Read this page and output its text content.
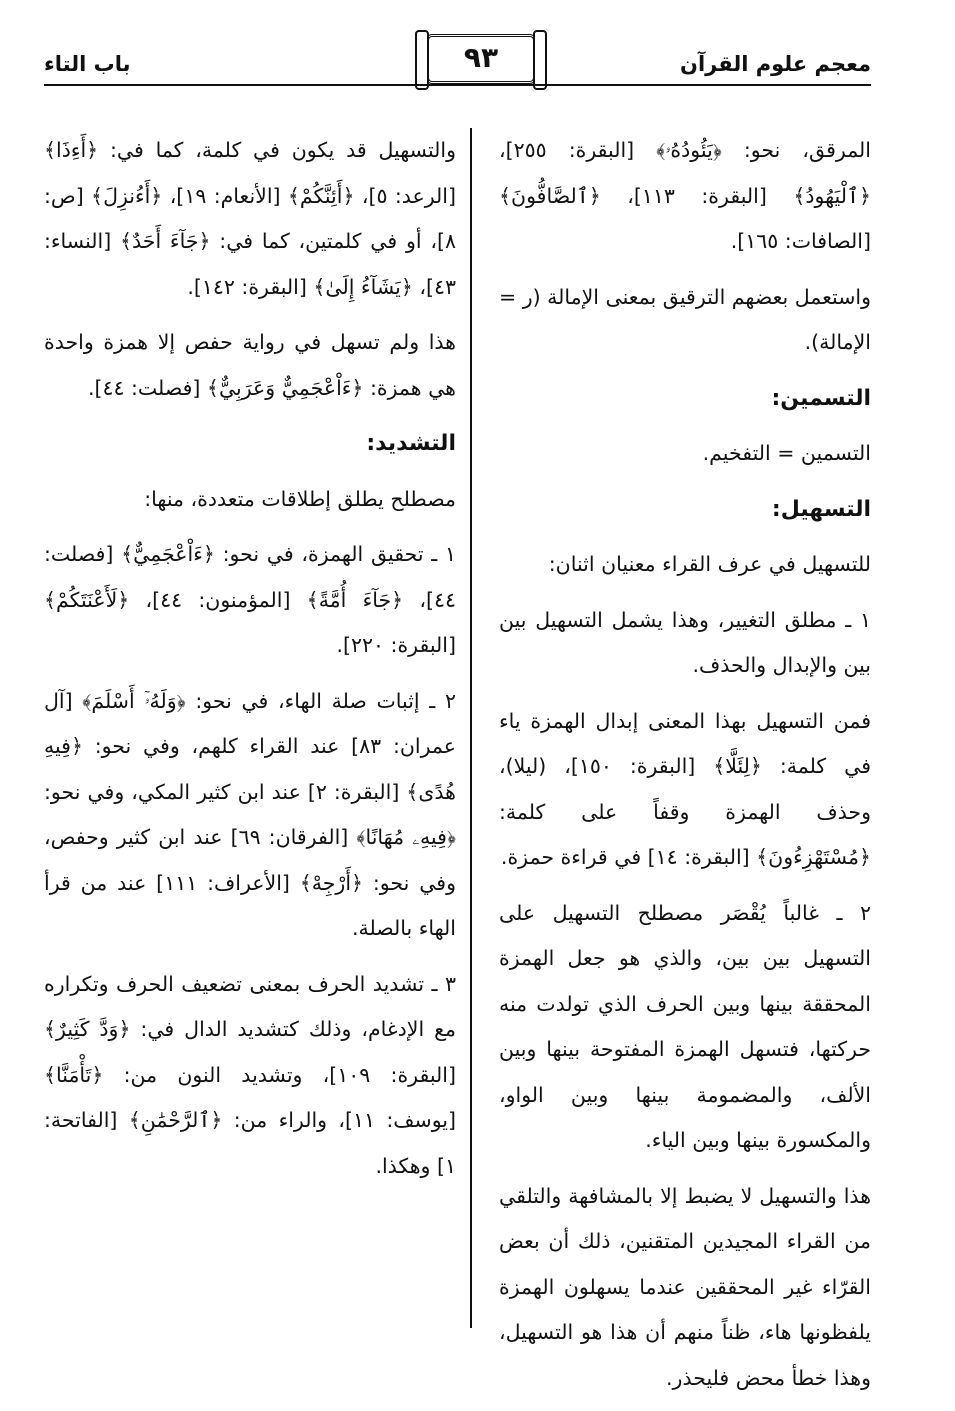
معجم علوم القرآن
٩٣
باب التاء

المرقق، نحو: ﴿يَئُودُهُۥ﴾ [البقرة: ٢٥٥]، ﴿ٱلْيَهُودُ﴾ [البقرة: ١١٣]، ﴿ٱلصَّافُّونَ﴾ [الصافات: ١٦٥].

واستعمل بعضهم الترقيق بمعنى الإمالة (ر = الإمالة).

التسمين:

التسمين = التفخيم.

التسهيل:

للتسهيل في عرف القراء معنيان اثنان:

١ ـ مطلق التغيير، وهذا يشمل التسهيل بين بين والإبدال والحذف.

فمن التسهيل بهذا المعنى إبدال الهمزة ياء في كلمة: ﴿لِئَلَّا﴾ [البقرة: ١٥٠]، (ليلا)، وحذف الهمزة وقفاً على كلمة: ﴿مُسْتَهْزِءُونَ﴾ [البقرة: ١٤] في قراءة حمزة.

٢ ـ غالباً يُقْصَر مصطلح التسهيل على التسهيل بين بين، والذي هو جعل الهمزة المحققة بينها وبين الحرف الذي تولدت منه حركتها، فتسهل الهمزة المفتوحة بينها وبين الألف، والمضمومة بينها وبين الواو، والمكسورة بينها وبين الياء.

هذا والتسهيل لا يضبط إلا بالمشافهة والتلقي من القراء المجيدين المتقنين، ذلك أن بعض القرّاء غير المحققين عندما يسهلون الهمزة يلفظونها هاء، ظناً منهم أن هذا هو التسهيل، وهذا خطأ محض فليحذر.

والتسهيل قد يكون في كلمة، كما في: ﴿أَءِذَا﴾ [الرعد: ٥]، ﴿أَئِنَّكُمْ﴾ [الأنعام: ١٩]، ﴿أَءُنزِلَ﴾ [ص: ٨]، أو في كلمتين، كما في: ﴿جَآءَ أَحَدٌ﴾ [النساء: ٤٣]، ﴿يَشَآءُ إِلَىٰ﴾ [البقرة: ١٤٢].

هذا ولم تسهل في رواية حفص إلا همزة واحدة هي همزة: ﴿ءَاْعْجَمِيٌّ وَعَرَبِيٌّ﴾ [فصلت: ٤٤].

التشديد:

مصطلح يطلق إطلاقات متعددة، منها:

١ ـ تحقيق الهمزة، في نحو: ﴿ءَاْعْجَمِيٌّ﴾ [فصلت: ٤٤]، ﴿جَآءَ أُمَّةً﴾ [المؤمنون: ٤٤]، ﴿لَأَعْنَتَكُمْ﴾ [البقرة: ٢٢٠].

٢ ـ إثبات صلة الهاء، في نحو: ﴿وَلَهُۥٓ أَسْلَمَ﴾ [آل عمران: ٨٣] عند القراء كلهم، وفي نحو: ﴿فِيهِ هُدًى﴾ [البقرة: ٢] عند ابن كثير المكي، وفي نحو: ﴿فِيهِۦ مُهَانًا﴾ [الفرقان: ٦٩] عند ابن كثير وحفص، وفي نحو: ﴿أَرْجِهْ﴾ [الأعراف: ١١١] عند من قرأ الهاء بالصلة.

٣ ـ تشديد الحرف بمعنى تضعيف الحرف وتكراره مع الإدغام، وذلك كتشديد الدال في: ﴿وَدَّ كَثِيرٌ﴾ [البقرة: ١٠٩]، وتشديد النون من: ﴿تَأْمَنَّا﴾ [يوسف: ١١]، والراء من: ﴿ٱلرَّحْمَٰنِ﴾ [الفاتحة: ١] وهكذا.
